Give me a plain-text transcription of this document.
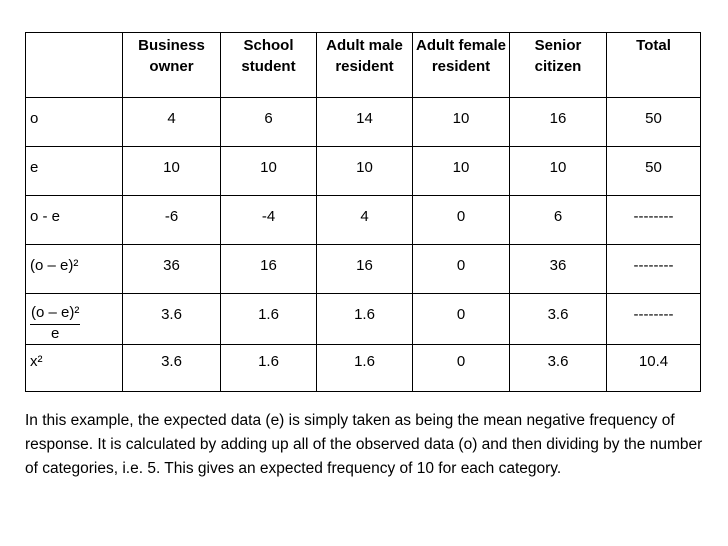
	Business owner	School student	Adult male resident	Adult female resident	Senior citizen	Total
o	4	6	14	10	16	50
e	10	10	10	10	10	50
o - e	-6	-4	4	0	6	--------
(o – e)²	36	16	16	0	36	--------

$\frac{\text{(o – e)²}}{e}$	3.6	1.6	1.6	0	3.6	--------
x²	3.6	1.6	1.6	0	3.6	10.4

In this example, the expected data (e) is simply taken as being the mean negative frequency of response. It is calculated by adding up all of the observed data (o) and then dividing by the number of categories, i.e. 5. This gives an expected frequency of 10 for each category.
